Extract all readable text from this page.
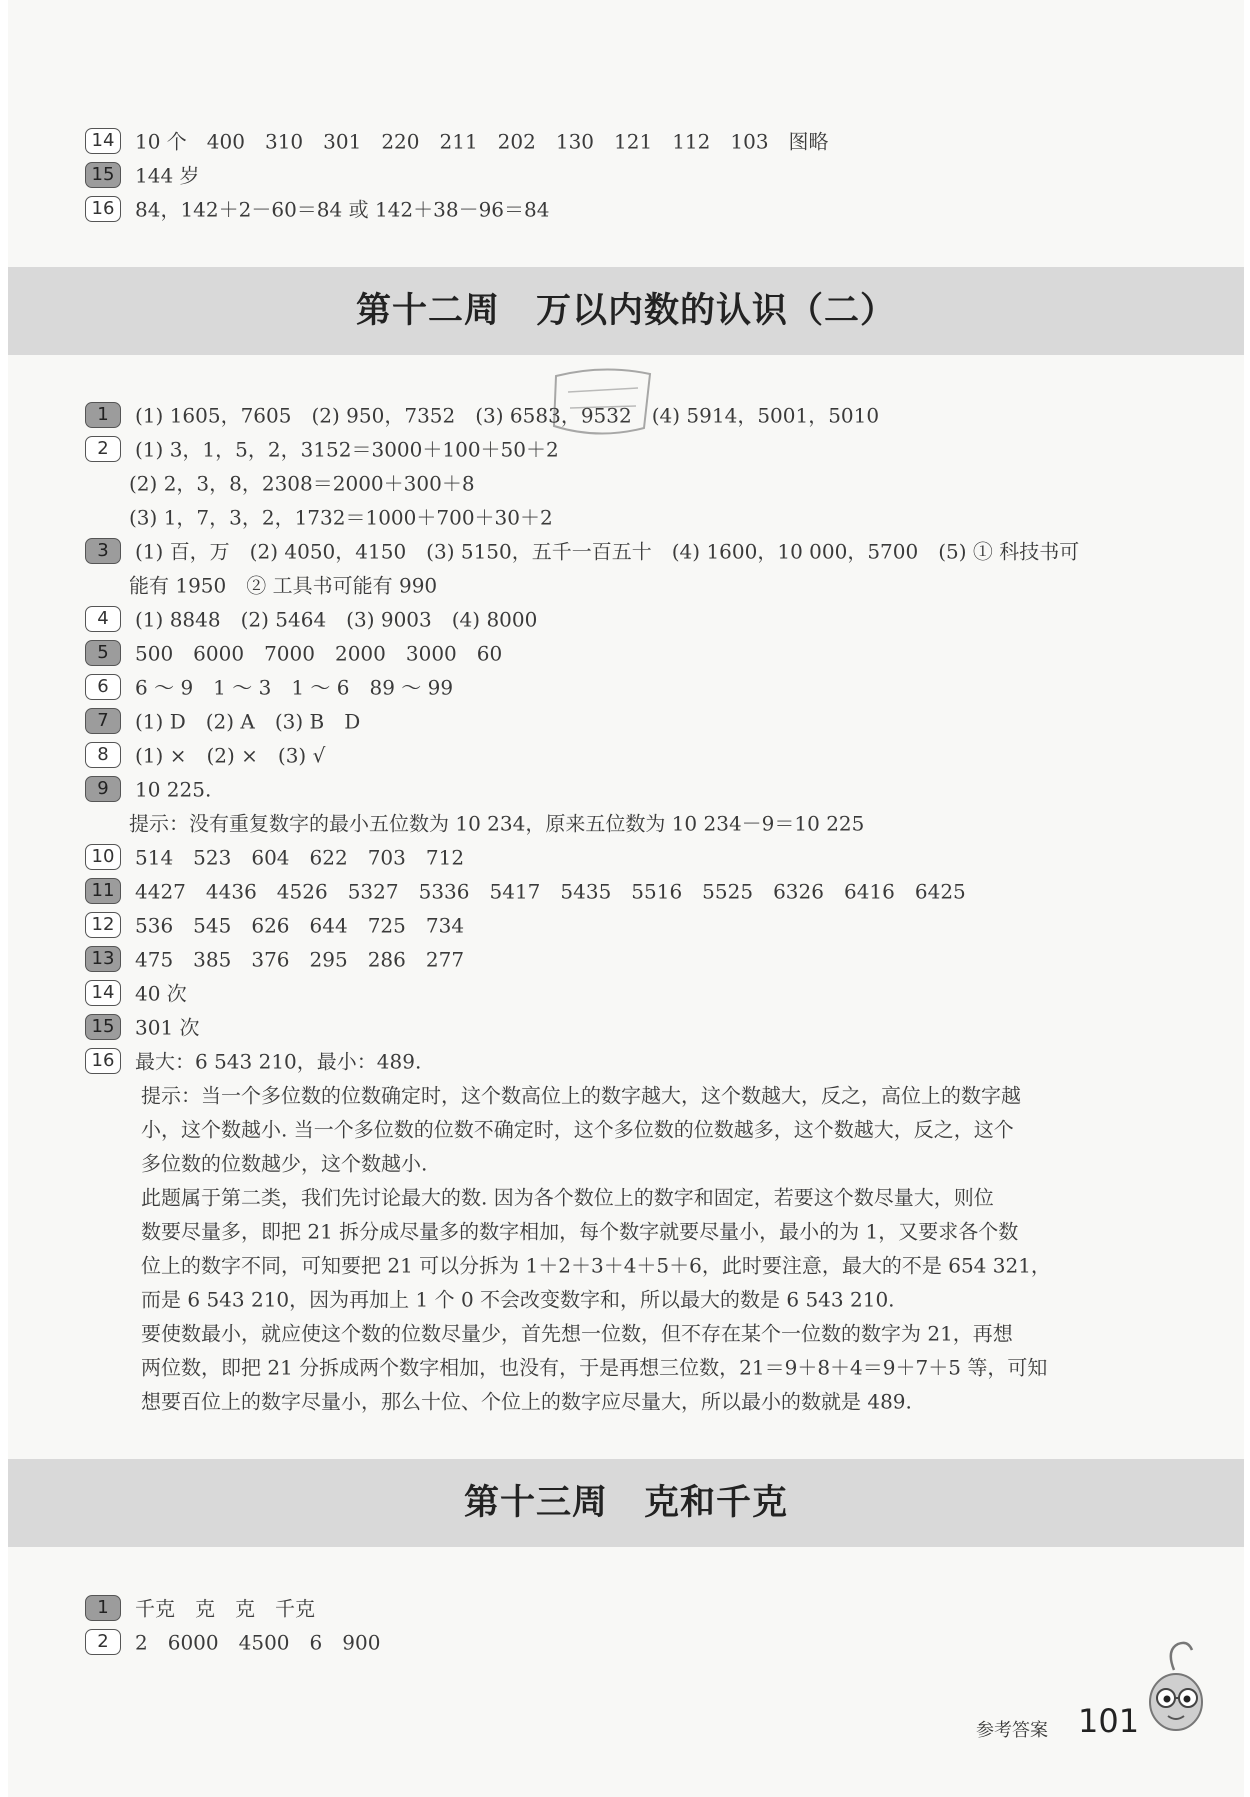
14 10 个　400　310　301　220　211　202　130　121　112　103　图略
15 144 岁
16 84，142＋2－60＝84 或 142＋38－96＝84
第十二周　万以内数的认识（二）
1 (1) 1605，7605　(2) 950，7352　(3) 6583，9532　(4) 5914，5001，5010
2 (1) 3，1，5，2，3152＝3000＋100＋50＋2
(2) 2，3，8，2308＝2000＋300＋8
(3) 1，7，3，2，1732＝1000＋700＋30＋2
3 (1) 百，万　(2) 4050，4150　(3) 5150，五千一百五十　(4) 1600，10 000，5700　(5) ① 科技书可
能有 1950　② 工具书可能有 990
4 (1) 8848　(2) 5464　(3) 9003　(4) 8000
5 500　6000　7000　2000　3000　60
6 6 ～ 9　1 ～ 3　1 ～ 6　89 ～ 99
7 (1) D　(2) A　(3) B　D
8 (1) ×　(2) ×　(3) √
9 10 225.
提示：没有重复数字的最小五位数为 10 234，原来五位数为 10 234－9＝10 225
10 514　523　604　622　703　712
11 4427　4436　4526　5327　5336　5417　5435　5516　5525　6326　6416　6425
12 536　545　626　644　725　734
13 475　385　376　295　286　277
14 40 次
15 301 次
16 最大：6 543 210，最小：489.
提示：当一个多位数的位数确定时，这个数高位上的数字越大，这个数越大，反之，高位上的数字越
小，这个数越小. 当一个多位数的位数不确定时，这个多位数的位数越多，这个数越大，反之，这个
多位数的位数越少，这个数越小.
此题属于第二类，我们先讨论最大的数. 因为各个数位上的数字和固定，若要这个数尽量大，则位
数要尽量多，即把 21 拆分成尽量多的数字相加，每个数字就要尽量小，最小的为 1，又要求各个数
位上的数字不同，可知要把 21 可以分拆为 1＋2＋3＋4＋5＋6，此时要注意，最大的不是 654 321，
而是 6 543 210，因为再加上 1 个 0 不会改变数字和，所以最大的数是 6 543 210.
要使数最小，就应使这个数的位数尽量少，首先想一位数，但不存在某个一位数的数字为 21，再想
两位数，即把 21 分拆成两个数字相加，也没有，于是再想三位数，21＝9＋8＋4＝9＋7＋5 等，可知
想要百位上的数字尽量小，那么十位、个位上的数字应尽量大，所以最小的数就是 489.
第十三周　克和千克
1 千克　克　克　千克
2 2　6000　4500　6　900
参考答案 101
